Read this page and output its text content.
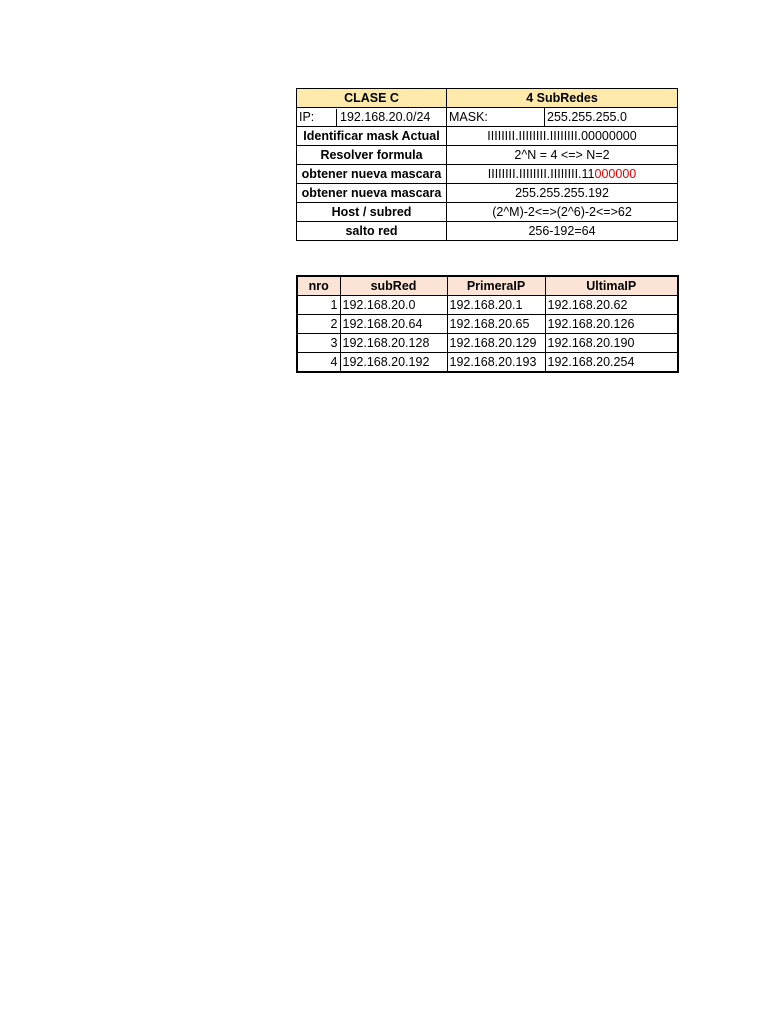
CLASE C	4 SubRedes	
IP: 192.168.20.0/24	MASK:	255.255.255.0
Identificar mask Actual	IIIIIIII.IIIIIIII.IIIIIIII.00000000	
Resolver formula	2^N = 4 <=> N=2	
obtener nueva mascara	IIIIIIII.IIIIIIII.IIIIIIII.11000000	
obtener nueva mascara	255.255.255.192	
Host / subred	(2^M)-2<=>(2^6)-2<=>62	
salto red	256-192=64	
nro	subRed	PrimeraIP	UltimaIP
1	192.168.20.0	192.168.20.1	192.168.20.62
2	192.168.20.64	192.168.20.65	192.168.20.126
3	192.168.20.128	192.168.20.129	192.168.20.190
4	192.168.20.192	192.168.20.193	192.168.20.254
